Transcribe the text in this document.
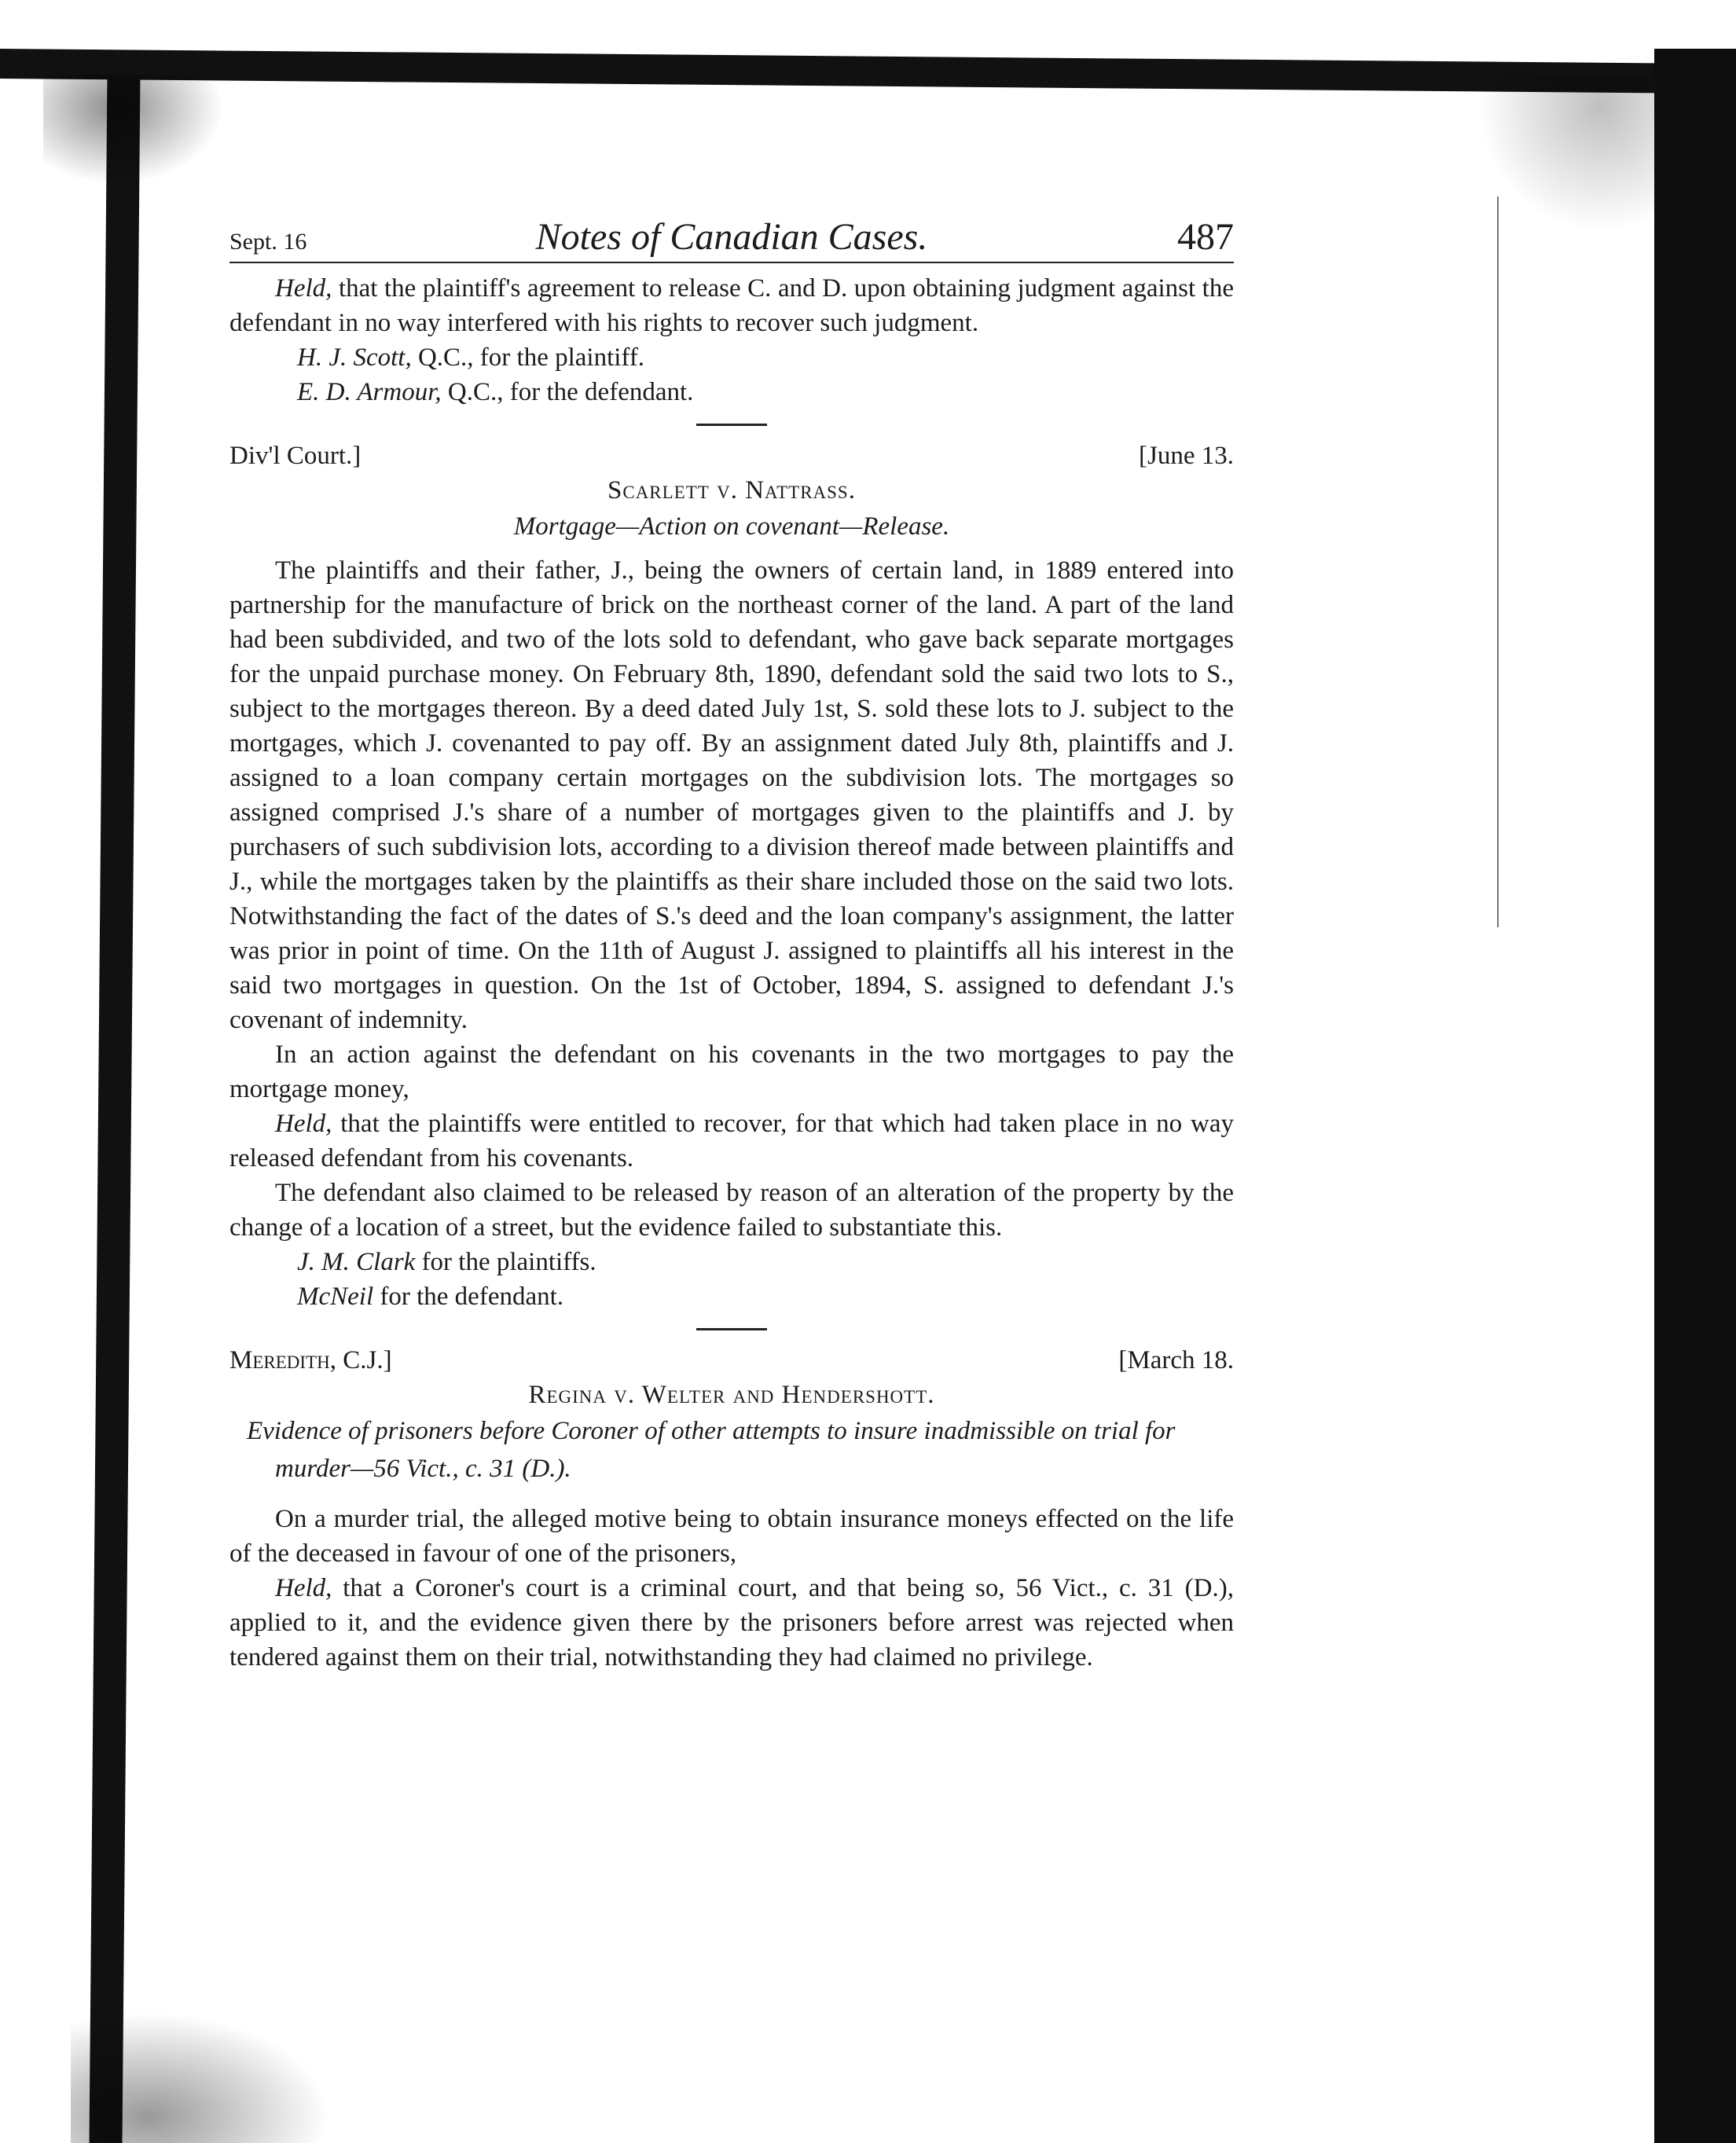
Sept. 16	Notes of Canadian Cases.	487

Held, that the plaintiff's agreement to release C. and D. upon obtaining judgment against the defendant in no way interfered with his rights to recover such judgment.

H. J. Scott, Q.C., for the plaintiff.

E. D. Armour, Q.C., for the defendant.

Div'l Court.]	[June 13.
Scarlett v. Nattrass.
Mortgage—Action on covenant—Release.

The plaintiffs and their father, J., being the owners of certain land, in 1889 entered into partnership for the manufacture of brick on the northeast corner of the land. A part of the land had been subdivided, and two of the lots sold to defendant, who gave back separate mortgages for the unpaid purchase money. On February 8th, 1890, defendant sold the said two lots to S., subject to the mortgages thereon. By a deed dated July 1st, S. sold these lots to J. subject to the mortgages, which J. covenanted to pay off. By an assignment dated July 8th, plaintiffs and J. assigned to a loan company certain mortgages on the subdivision lots. The mortgages so assigned comprised J.'s share of a number of mortgages given to the plaintiffs and J. by purchasers of such subdivision lots, according to a division thereof made between plaintiffs and J., while the mortgages taken by the plaintiffs as their share included those on the said two lots. Notwithstanding the fact of the dates of S.'s deed and the loan company's assignment, the latter was prior in point of time. On the 11th of August J. assigned to plaintiffs all his interest in the said two mortgages in question. On the 1st of October, 1894, S. assigned to defendant J.'s covenant of indemnity.

In an action against the defendant on his covenants in the two mortgages to pay the mortgage money,

Held, that the plaintiffs were entitled to recover, for that which had taken place in no way released defendant from his covenants.

The defendant also claimed to be released by reason of an alteration of the property by the change of a location of a street, but the evidence failed to substantiate this.

J. M. Clark for the plaintiffs.

McNeil for the defendant.

Meredith, C.J.]	[March 18.
Regina v. Welter and Hendershott.
Evidence of prisoners before Coroner of other attempts to insure inadmissible on trial for murder—56 Vict., c. 31 (D.).

On a murder trial, the alleged motive being to obtain insurance moneys effected on the life of the deceased in favour of one of the prisoners,

Held, that a Coroner's court is a criminal court, and that being so, 56 Vict., c. 31 (D.), applied to it, and the evidence given there by the prisoners before arrest was rejected when tendered against them on their trial, notwithstanding they had claimed no privilege.
